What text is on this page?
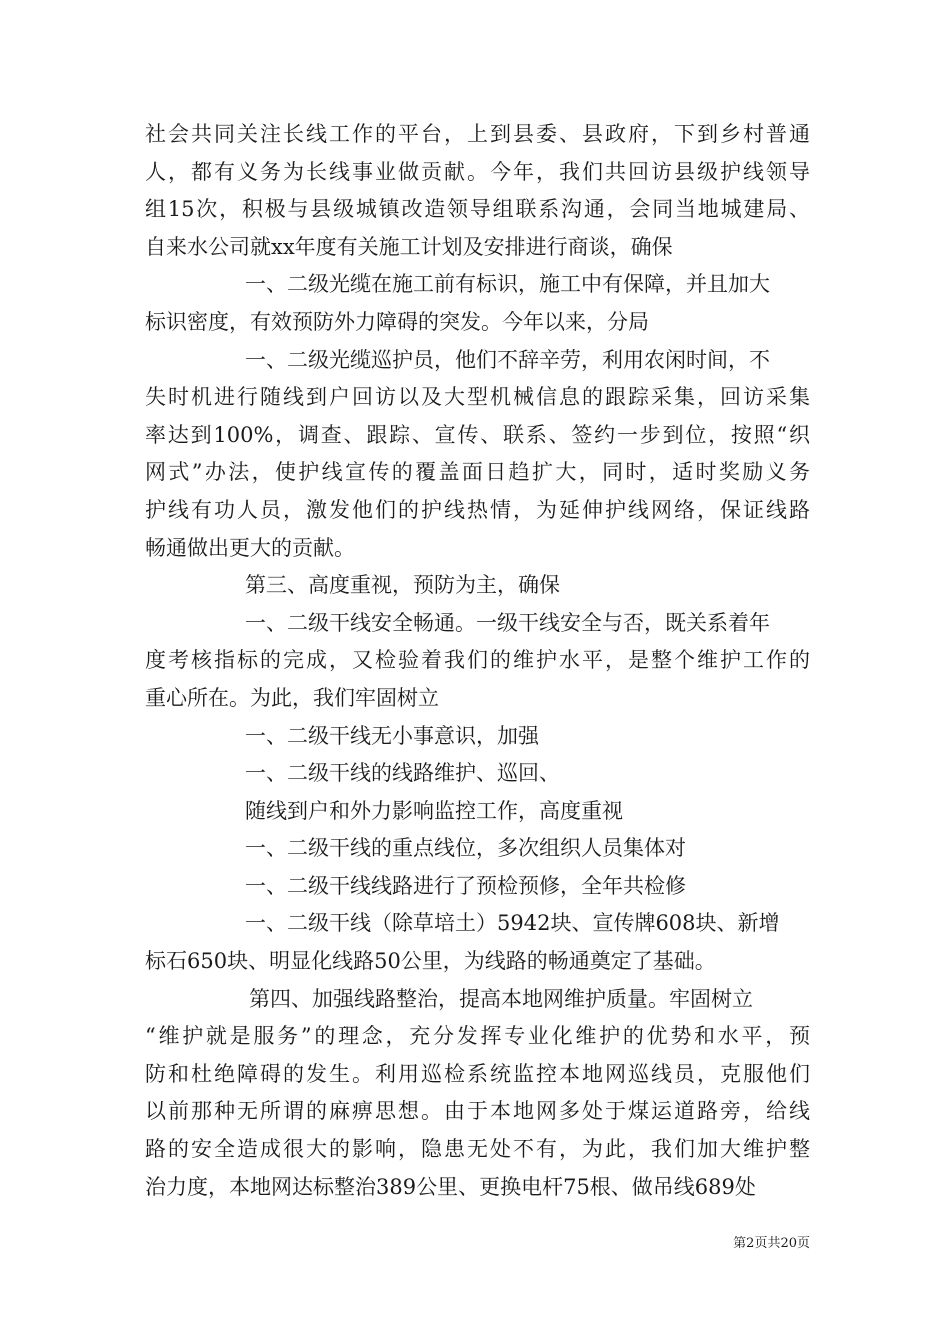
社会共同关注长线工作的平台，上到县委、县政府，下到乡村普通
人，都有义务为长线事业做贡献。今年，我们共回访县级护线领导
组15次，积极与县级城镇改造领导组联系沟通，会同当地城建局、
自来水公司就xx年度有关施工计划及安排进行商谈，确保
一、二级光缆在施工前有标识，施工中有保障，并且加大
标识密度，有效预防外力障碍的突发。今年以来，分局
一、二级光缆巡护员，他们不辞辛劳，利用农闲时间，不
失时机进行随线到户回访以及大型机械信息的跟踪采集，回访采集
率达到100%，调查、跟踪、宣传、联系、签约一步到位，按照“织
网式”办法，使护线宣传的覆盖面日趋扩大，同时，适时奖励义务
护线有功人员，激发他们的护线热情，为延伸护线网络，保证线路
畅通做出更大的贡献。
第三、高度重视，预防为主，确保
一、二级干线安全畅通。一级干线安全与否，既关系着年
度考核指标的完成，又检验着我们的维护水平，是整个维护工作的
重心所在。为此，我们牢固树立
一、二级干线无小事意识，加强
一、二级干线的线路维护、巡回、
随线到户和外力影响监控工作，高度重视
一、二级干线的重点线位，多次组织人员集体对
一、二级干线线路进行了预检预修，全年共检修
一、二级干线（除草培土）5942块、宣传牌608块、新增
标石650块、明显化线路50公里，为线路的畅通奠定了基础。
第四、加强线路整治，提高本地网维护质量。牢固树立
“维护就是服务”的理念，充分发挥专业化维护的优势和水平，预
防和杜绝障碍的发生。利用巡检系统监控本地网巡线员，克服他们
以前那种无所谓的麻痹思想。由于本地网多处于煤运道路旁，给线
路的安全造成很大的影响，隐患无处不有，为此，我们加大维护整
治力度，本地网达标整治389公里、更换电杆75根、做吊线689处
第2页共20页
